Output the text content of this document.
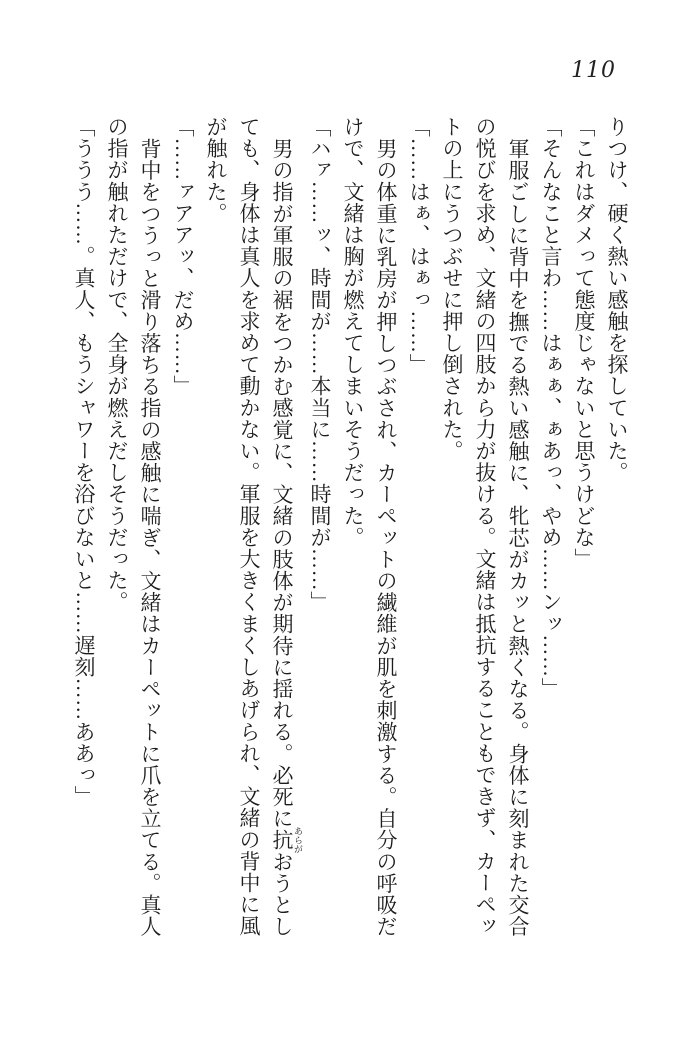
110

りつけ、硬く熱い感触を探していた。

「これはダメって態度じゃないと思うけどな」

「そんなこと言わ……はぁぁ、ぁあっ、やめ……ンッ……」

軍服ごしに背中を撫でる熱い感触に、牝芯がカッと熱くなる。身体に刻まれた交合

の悦びを求め、文緒の四肢から力が抜ける。文緒は抵抗することもできず、カーペッ

トの上にうつぶせに押し倒された。

「……はぁ、はぁっ……」

男の体重に乳房が押しつぶされ、カーペットの繊維が肌を刺激する。自分の呼吸だ

けで、文緒は胸が燃えてしまいそうだった。

「ハァ……ッ、時間が……本当に……時間が……」

男の指が軍服の裾をつかむ感覚に、文緒の肢体が期待に揺れる。必死に抗 あらがおうとし

ても、身体は真人を求めて動かない。軍服を大きくまくしあげられ、文緒の背中に風

が触れた。

「……ァアアッ、だめ……」

背中をつうっと滑り落ちる指の感触に喘ぎ、文緒はカーペットに爪を立てる。真人

の指が触れただけで、全身が燃えだしそうだった。

「ううう……。真人、もうシャワーを浴びないと……遅刻……ああっ」
